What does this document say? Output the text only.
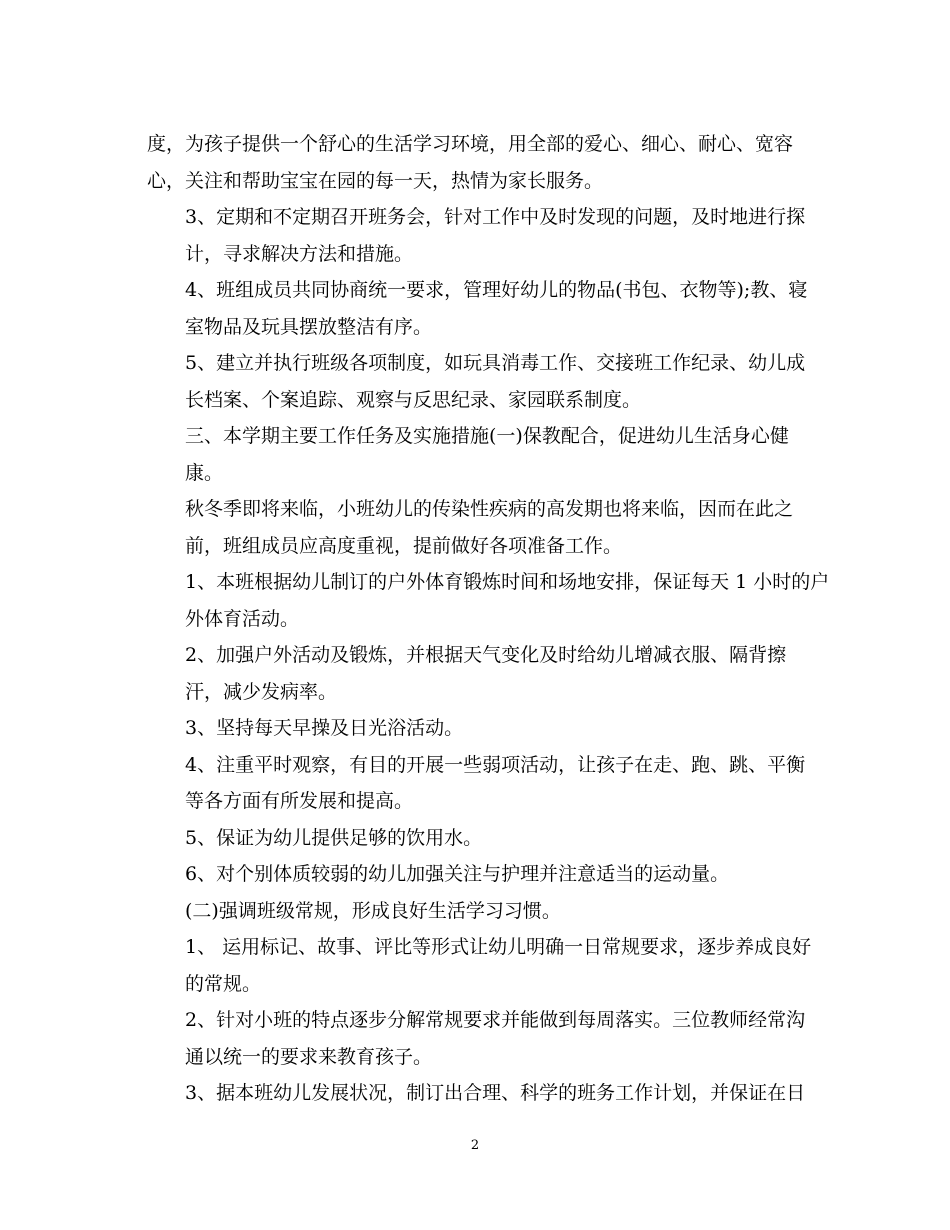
度，为孩子提供一个舒心的生活学习环境，用全部的爱心、细心、耐心、宽容
心，关注和帮助宝宝在园的每一天，热情为家长服务。

3、定期和不定期召开班务会，针对工作中及时发现的问题，及时地进行探
计，寻求解决方法和措施。

4、班组成员共同协商统一要求，管理好幼儿的物品(书包、衣物等);教、寝
室物品及玩具摆放整洁有序。

5、建立并执行班级各项制度，如玩具消毒工作、交接班工作纪录、幼儿成
长档案、个案追踪、观察与反思纪录、家园联系制度。

三、本学期主要工作任务及实施措施(一)保教配合，促进幼儿生活身心健
康。

秋冬季即将来临，小班幼儿的传染性疾病的高发期也将来临，因而在此之
前，班组成员应高度重视，提前做好各项准备工作。

1、本班根据幼儿制订的户外体育锻炼时间和场地安排，保证每天 1 小时的户
外体育活动。

2、加强户外活动及锻炼，并根据天气变化及时给幼儿增减衣服、隔背擦
汗，减少发病率。

3、坚持每天早操及日光浴活动。

4、注重平时观察，有目的开展一些弱项活动，让孩子在走、跑、跳、平衡
等各方面有所发展和提高。

5、保证为幼儿提供足够的饮用水。

6、对个别体质较弱的幼儿加强关注与护理并注意适当的运动量。

(二)强调班级常规，形成良好生活学习习惯。

1、 运用标记、故事、评比等形式让幼儿明确一日常规要求，逐步养成良好
的常规。

2、针对小班的特点逐步分解常规要求并能做到每周落实。三位教师经常沟
通以统一的要求来教育孩子。

3、据本班幼儿发展状况，制订出合理、科学的班务工作计划，并保证在日

2
